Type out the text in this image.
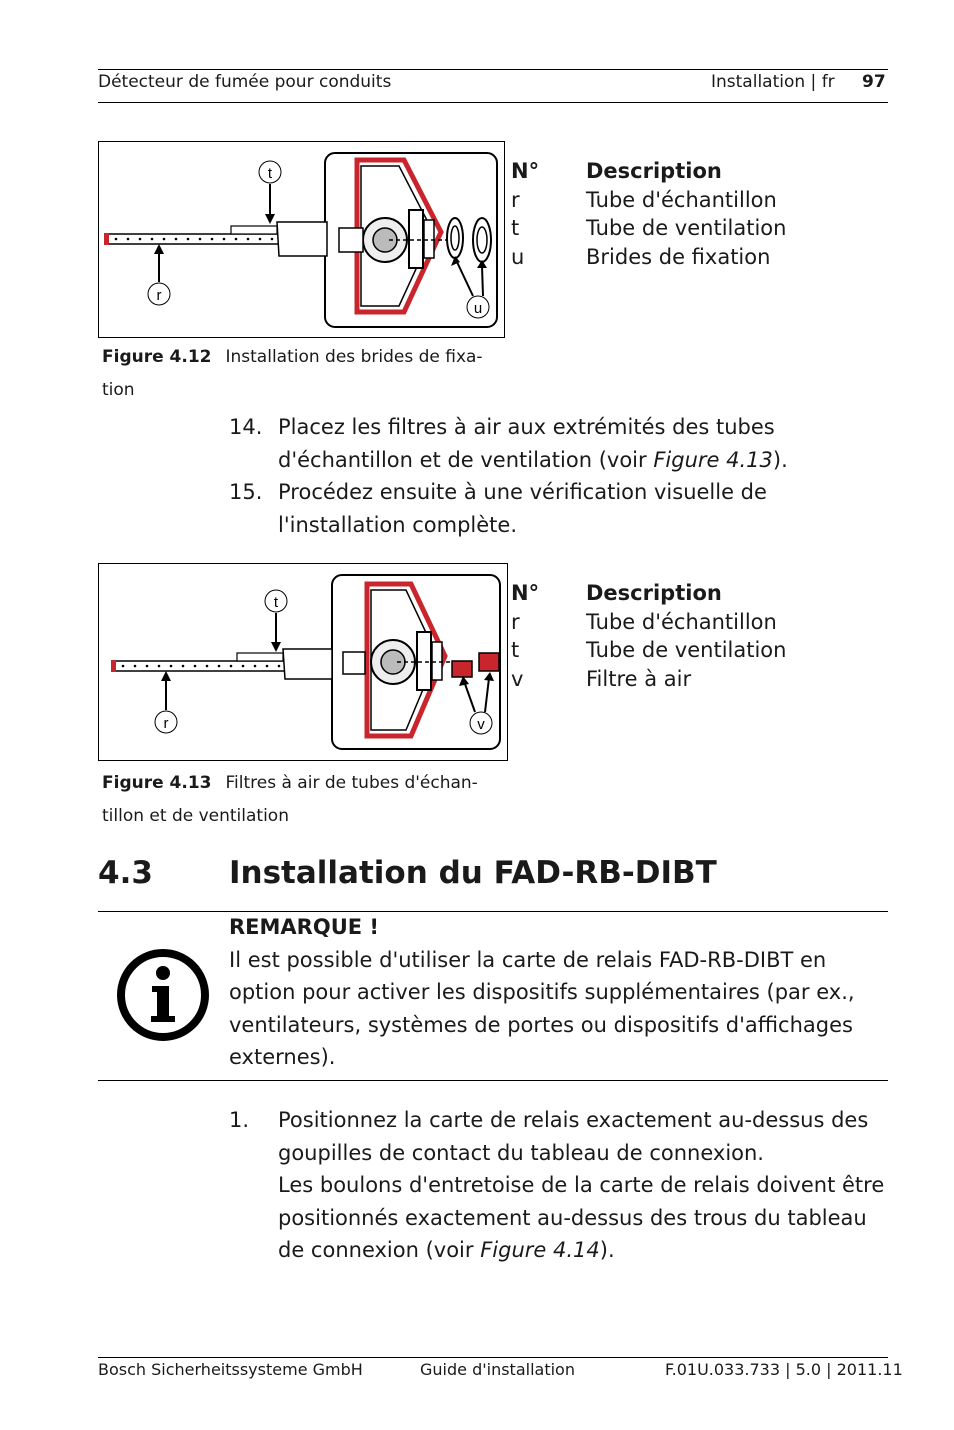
Détecteur de fumée pour conduits	Installation | fr 97
t
r
u
N°	Description
r	Tube d'échantillon
t	Tube de ventilation
u	Brides de fixation
Figure 4.12 Installation des brides de fixa-
tion
14. Placez les filtres à air aux extrémités des tubes d'échantillon et de ventilation (voir Figure 4.13).
15. Procédez ensuite à une vérification visuelle de l'installation complète.
t
r	v
N°	Description
r	Tube d'échantillon
t	Tube de ventilation
v	Filtre à air
Figure 4.13 Filtres à air de tubes d'échan-
tillon et de ventilation
4.3 Installation du FAD-RB-DIBT
REMARQUE !
Il est possible d'utiliser la carte de relais FAD-RB-DIBT en option pour activer les dispositifs supplémentaires (par ex., ventilateurs, systèmes de portes ou dispositifs d'affichages externes).
1. Positionnez la carte de relais exactement au-dessus des goupilles de contact du tableau de connexion.
Les boulons d'entretoise de la carte de relais doivent être positionnés exactement au-dessus des trous du tableau de connexion (voir Figure 4.14).
Bosch Sicherheitssysteme GmbH	Guide d'installation	F.01U.033.733 | 5.0 | 2011.11
